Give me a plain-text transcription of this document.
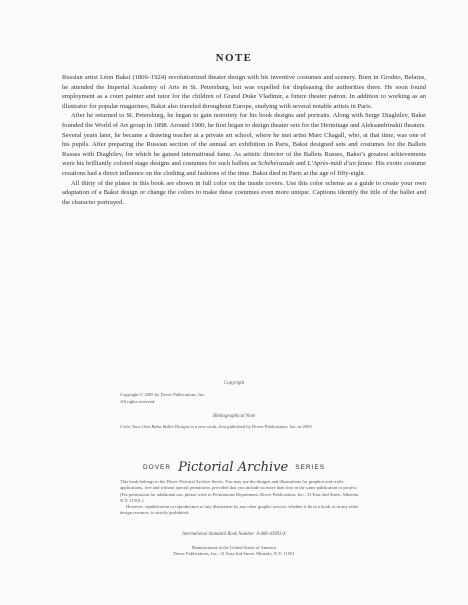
NOTE

Russian artist Léon Bakst (1866–1924) revolutionized theater design with his inventive costumes and scenery. Born in Grodno, Belarus, he attended the Imperial Academy of Arts in St. Petersburg, but was expelled for displeasing the authorities there. He soon found employment as a court painter and tutor for the children of Grand Duke Vladimir, a future theater patron. In addition to working as an illustrator for popular magazines, Bakst also traveled throughout Europe, studying with several notable artists in Paris.

After he returned to St. Petersburg, he began to gain notoriety for his book designs and portraits. Along with Serge Diaghilev, Bakst founded the World of Art group in 1898. Around 1900, he first began to design theater sets for the Hermitage and Aleksandrinskii theaters. Several years later, he became a drawing teacher at a private art school, where he met artist Marc Chagall, who, at that time, was one of his pupils. After preparing the Russian section of the annual art exhibition in Paris, Bakst designed sets and costumes for the Ballets Russes with Diaghilev, for which he gained international fame. As artistic director of the Ballets Russes, Bakst’s greatest achievements were his brilliantly colored stage designs and costumes for such ballets as Schéhérazade and L’Après-midi d’un faune. His exotic costume creations had a direct influence on the clothing and fashions of the time. Bakst died in Paris at the age of fifty-eight.

All thirty of the plates in this book are shown in full color on the inside covers. Use this color scheme as a guide to create your own adaptation of a Bakst design or change the colors to make these costumes even more unique. Captions identify the title of the ballet and the character portrayed.

Copyright
Copyright © 2005 by Dover Publications, Inc.
All rights reserved.
Bibliographical Note
Color Your Own Bakst Ballet Designs is a new work, first published by Dover Publications, Inc. in 2005.
DOVER Pictorial Archive SERIES

This book belongs to the Dover Pictorial Archive Series. You may use the designs and illustrations for graphics and crafts applications, free and without special permission, provided that you include no more than four in the same publication or project. (For permission for additional use, please write to Permissions Department, Dover Publications, Inc., 31 East 2nd Street, Mineola, N.Y. 11501.)

However, republication or reproduction of any illustration by any other graphic service, whether it be in a book or in any other design resource, is strictly prohibited.

International Standard Book Number: 0-486-43993-X
Manufactured in the United States of America
Dover Publications, Inc., 31 East 2nd Street, Mineola, N.Y. 11501
